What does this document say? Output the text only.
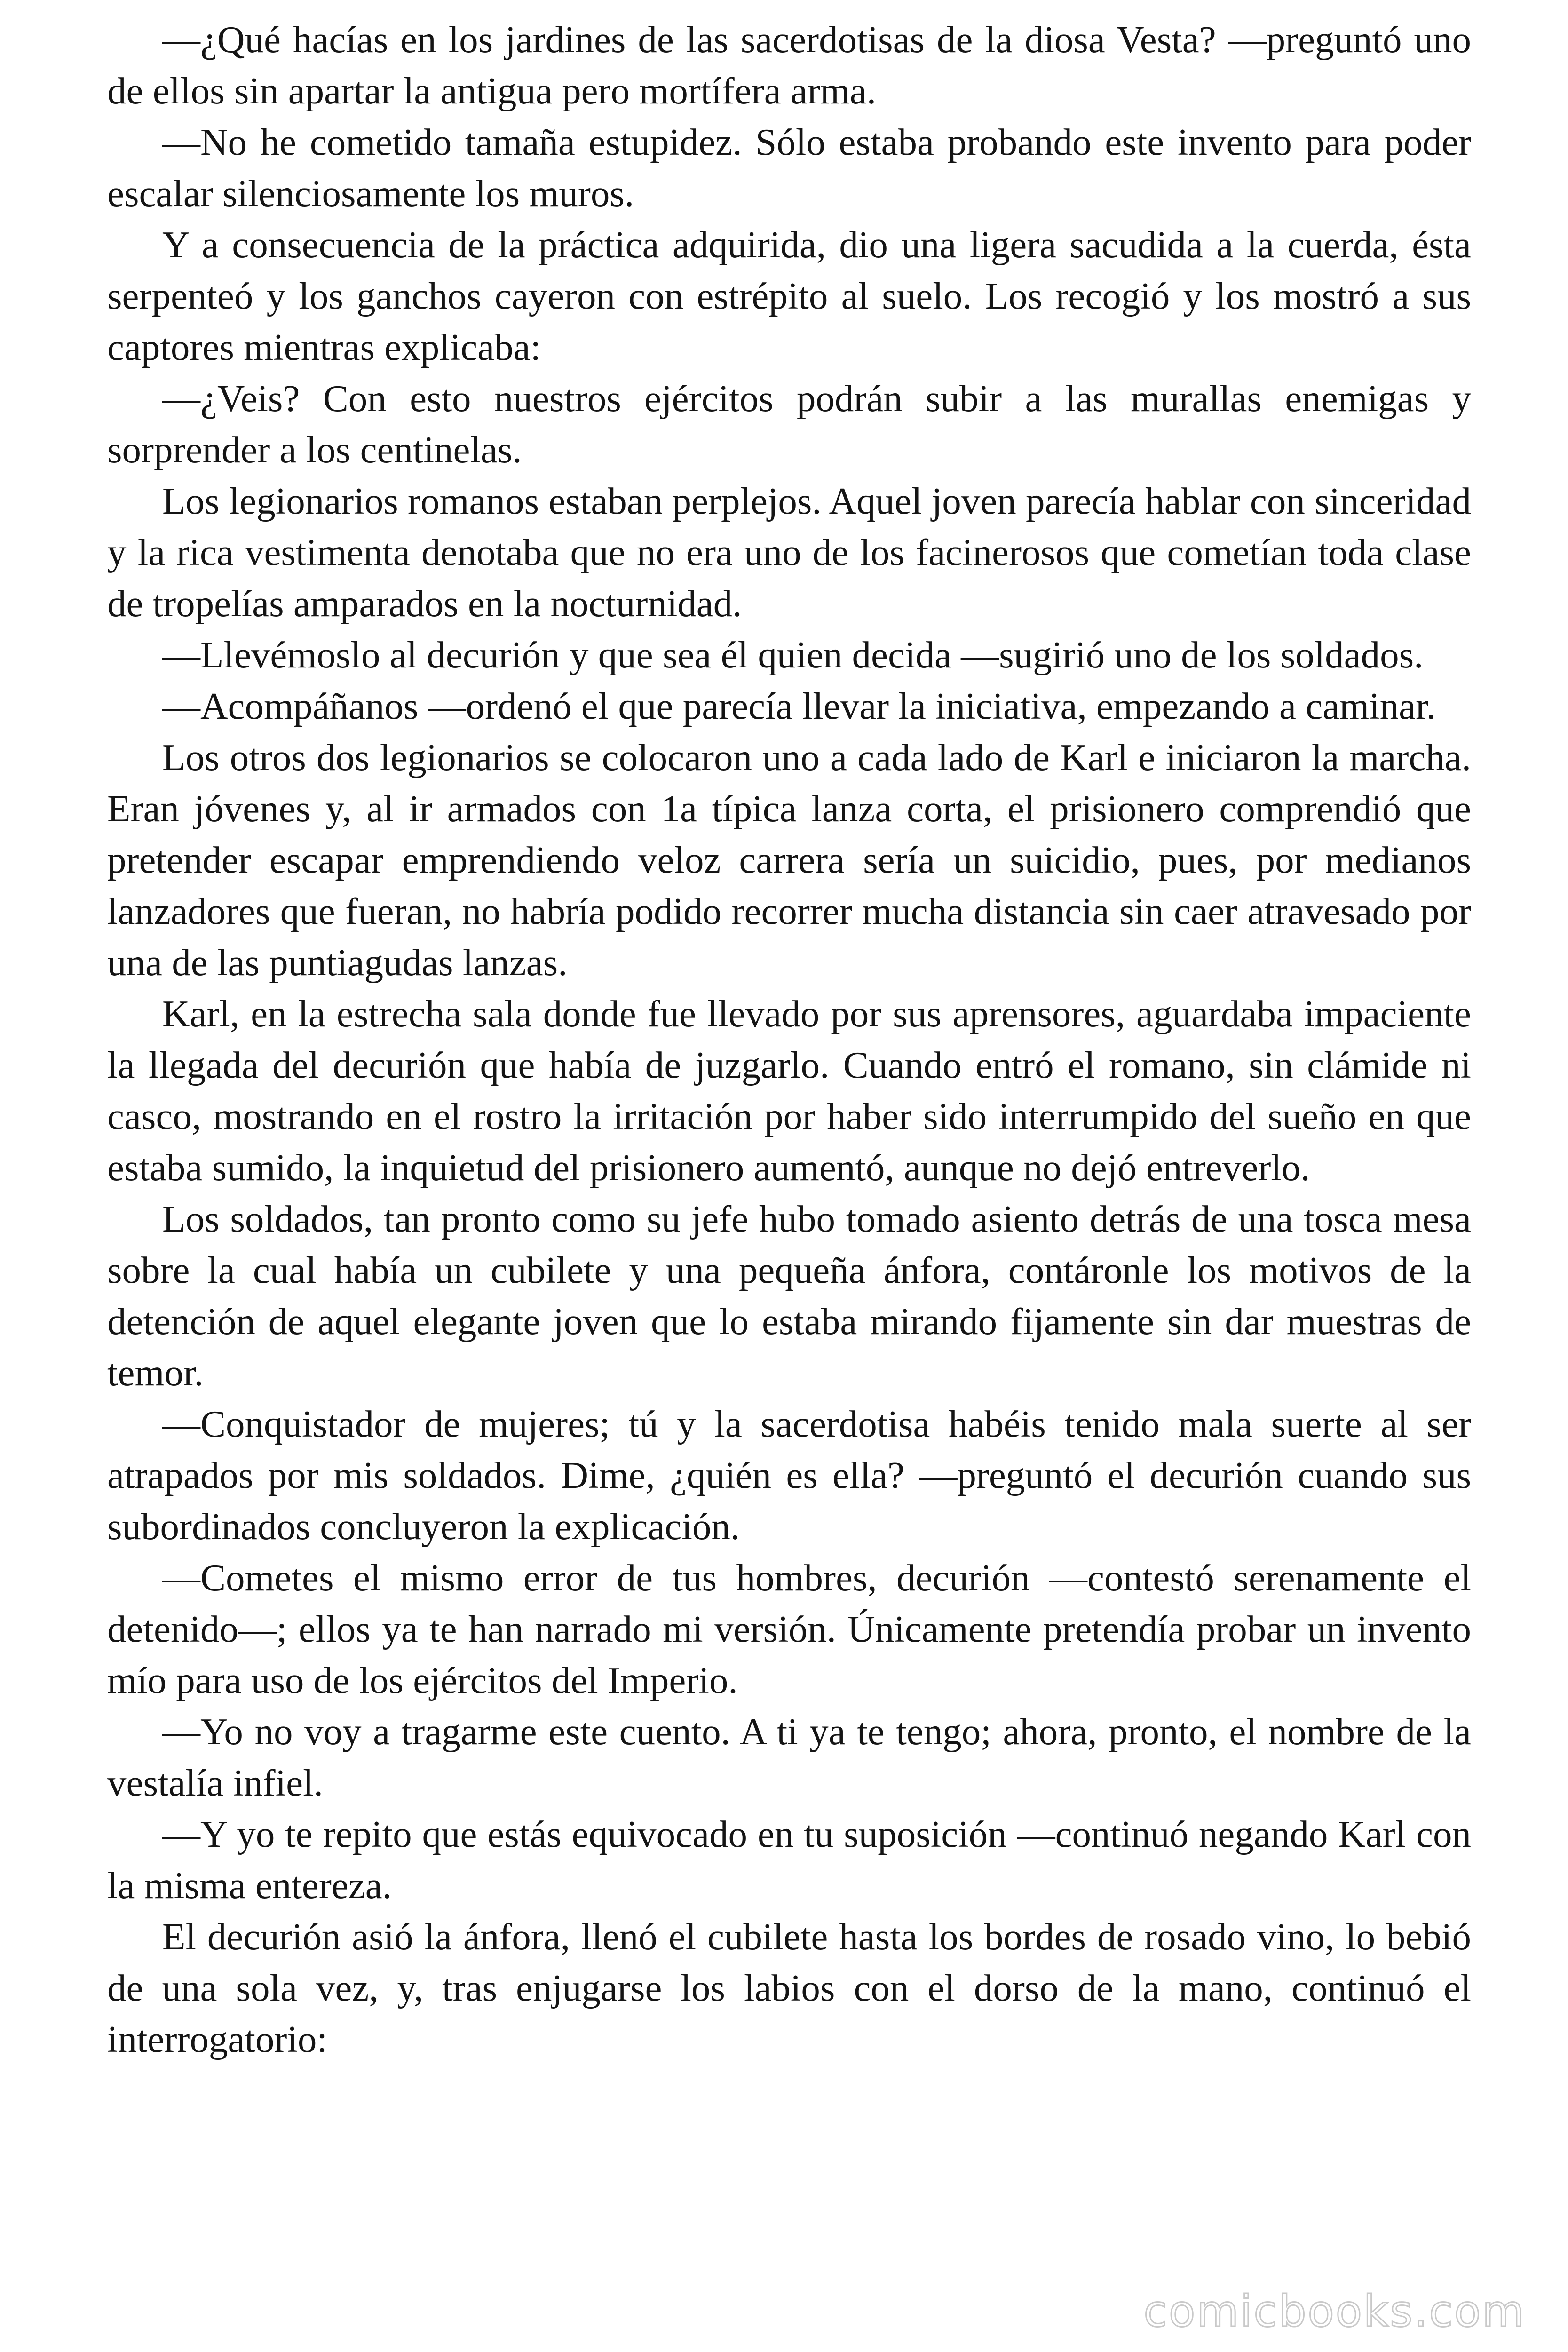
—¿Qué hacías en los jardines de las sacerdotisas de la diosa Vesta? —preguntó uno de ellos sin apartar la antigua pero mortífera arma.

—No he cometido tamaña estupidez. Sólo estaba probando este invento para poder escalar silenciosamente los muros.

Y a consecuencia de la práctica adquirida, dio una ligera sacudida a la cuerda, ésta serpenteó y los ganchos cayeron con estrépito al suelo. Los recogió y los mostró a sus captores mientras explicaba:

—¿Veis? Con esto nuestros ejércitos podrán subir a las murallas enemigas y sorprender a los centinelas.

Los legionarios romanos estaban perplejos. Aquel joven parecía hablar con sinceridad y la rica vestimenta denotaba que no era uno de los facinerosos que cometían toda clase de tropelías amparados en la nocturnidad.

—Llevémoslo al decurión y que sea él quien decida —sugirió uno de los soldados.

—Acompáñanos —ordenó el que parecía llevar la iniciativa, empezando a caminar.

Los otros dos legionarios se colocaron uno a cada lado de Karl e iniciaron la marcha. Eran jóvenes y, al ir armados con 1a típica lanza corta, el prisionero comprendió que pretender escapar emprendiendo veloz carrera sería un suicidio, pues, por medianos lanzadores que fueran, no habría podido recorrer mucha distancia sin caer atravesado por una de las puntiagudas lanzas.

Karl, en la estrecha sala donde fue llevado por sus aprensores, aguardaba impaciente la llegada del decurión que había de juzgarlo. Cuando entró el romano, sin clámide ni casco, mostrando en el rostro la irritación por haber sido interrumpido del sueño en que estaba sumido, la inquietud del prisionero aumentó, aunque no dejó entreverlo.

Los soldados, tan pronto como su jefe hubo tomado asiento detrás de una tosca mesa sobre la cual había un cubilete y una pequeña ánfora, contáronle los motivos de la detención de aquel elegante joven que lo estaba mirando fijamente sin dar muestras de temor.

—Conquistador de mujeres; tú y la sacerdotisa habéis tenido mala suerte al ser atrapados por mis soldados. Dime, ¿quién es ella? —preguntó el decurión cuando sus subordinados concluyeron la explicación.

—Cometes el mismo error de tus hombres, decurión —contestó serenamente el detenido—; ellos ya te han narrado mi versión. Únicamente pretendía probar un invento mío para uso de los ejércitos del Imperio.

—Yo no voy a tragarme este cuento. A ti ya te tengo; ahora, pronto, el nombre de la vestalía infiel.

—Y yo te repito que estás equivocado en tu suposición —continuó negando Karl con la misma entereza.

El decurión asió la ánfora, llenó el cubilete hasta los bordes de rosado vino, lo bebió de una sola vez, y, tras enjugarse los labios con el dorso de la mano, continuó el interrogatorio:

comicbooks.com
